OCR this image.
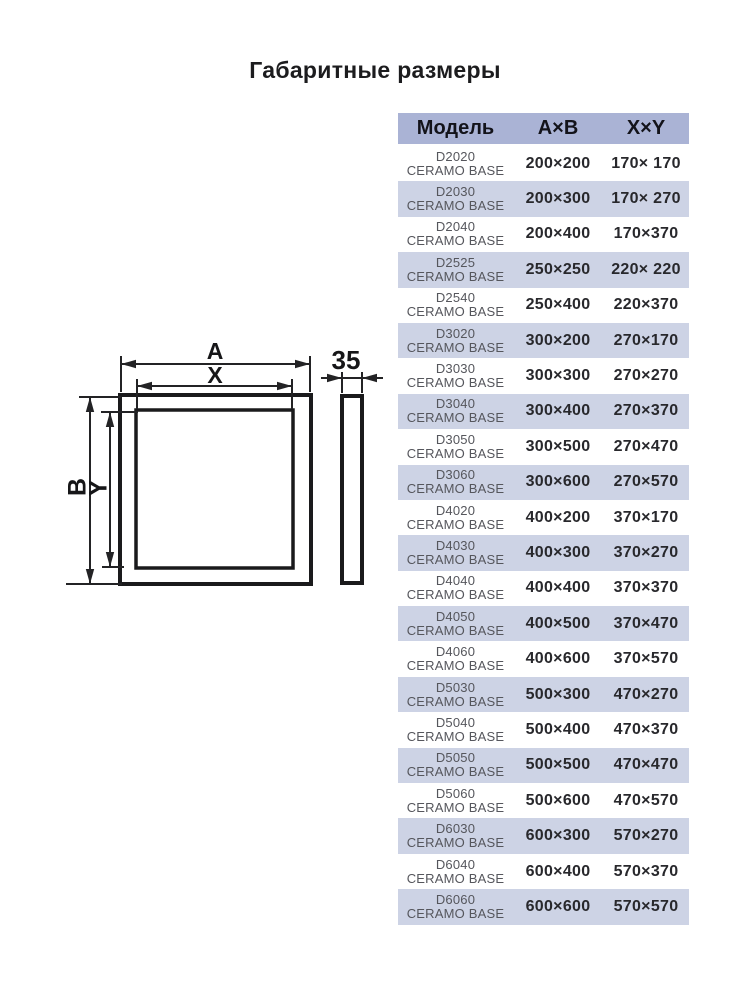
Габаритные размеры
A
X
B
Y
35
Модель	A×B	X×Y
D2020
CERAMO BASE	200×200	170× 170
D2030
CERAMO BASE	200×300	170× 270
D2040
CERAMO BASE	200×400	170×370
D2525
CERAMO BASE	250×250	220× 220
D2540
CERAMO BASE	250×400	220×370
D3020
CERAMO BASE	300×200	270×170
D3030
CERAMO BASE	300×300	270×270
D3040
CERAMO BASE	300×400	270×370
D3050
CERAMO BASE	300×500	270×470
D3060
CERAMO BASE	300×600	270×570
D4020
CERAMO BASE	400×200	370×170
D4030
CERAMO BASE	400×300	370×270
D4040
CERAMO BASE	400×400	370×370
D4050
CERAMO BASE	400×500	370×470
D4060
CERAMO BASE	400×600	370×570
D5030
CERAMO BASE	500×300	470×270
D5040
CERAMO BASE	500×400	470×370
D5050
CERAMO BASE	500×500	470×470
D5060
CERAMO BASE	500×600	470×570
D6030
CERAMO BASE	600×300	570×270
D6040
CERAMO BASE	600×400	570×370
D6060
CERAMO BASE	600×600	570×570
